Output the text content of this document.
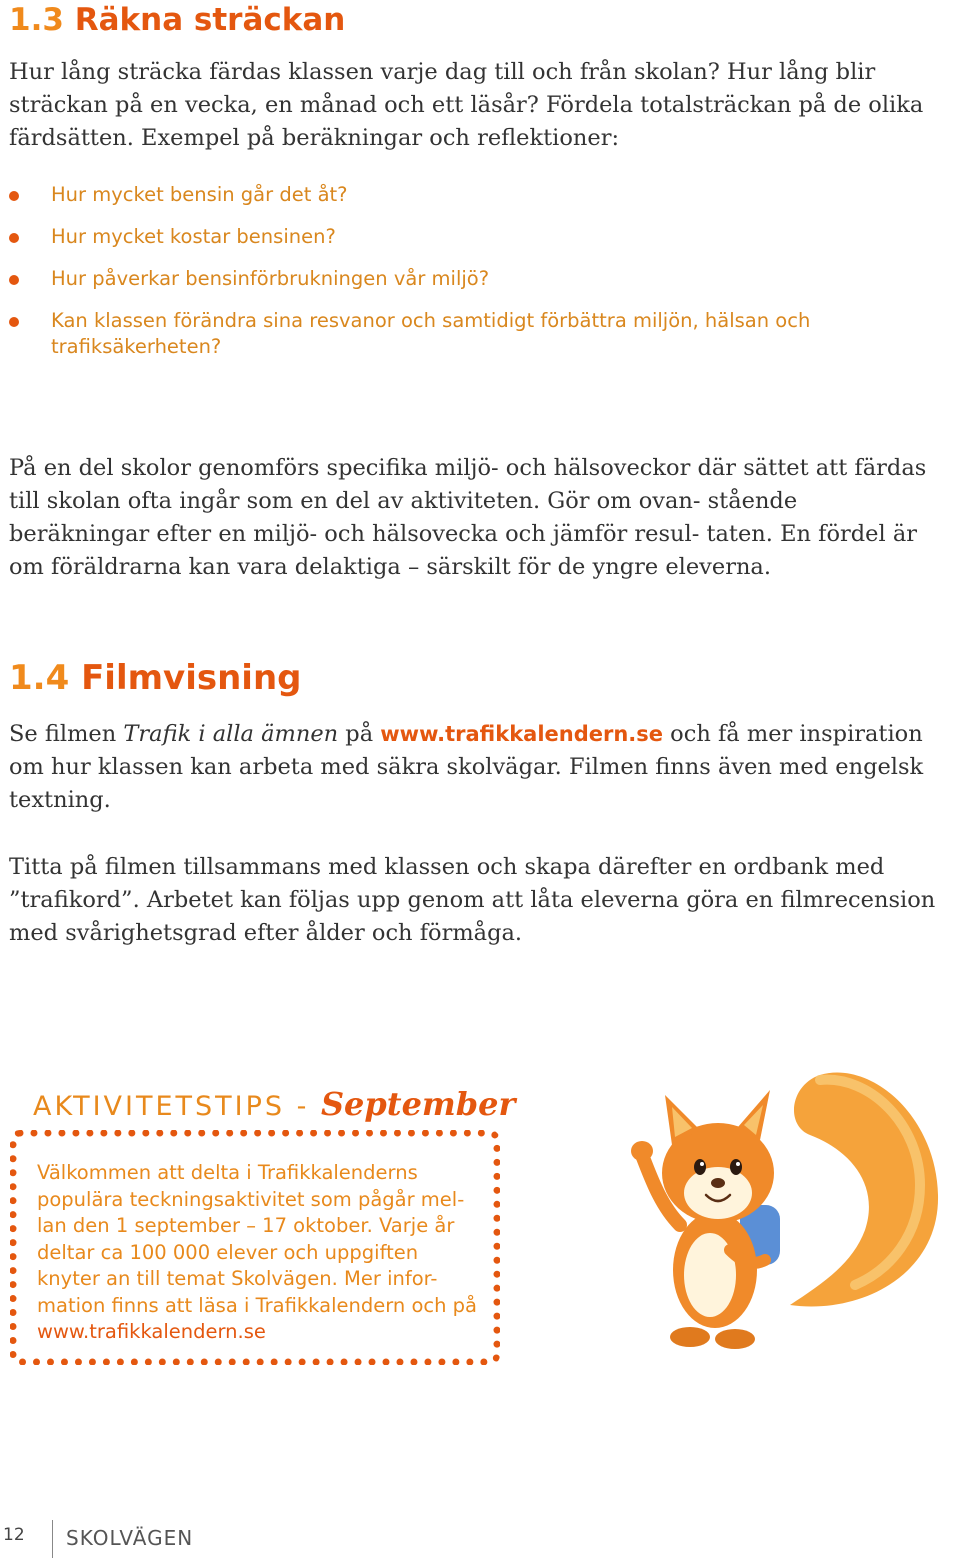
1.3 Räkna sträckan

Hur lång sträcka färdas klassen varje dag till och från skolan? Hur lång blir sträckan på en vecka, en månad och ett läsår? Fördela totalsträckan på de olika färdsätten. Exempel på beräkningar och reflektioner:

Hur mycket bensin går det åt?
Hur mycket kostar bensinen?
Hur påverkar bensinförbrukningen vår miljö?
Kan klassen förändra sina resvanor och samtidigt förbättra miljön, hälsan och trafiksäkerheten?

På en del skolor genomförs specifika miljö- och hälsoveckor där sättet att färdas till skolan ofta ingår som en del av aktiviteten. Gör om ovan- stående beräkningar efter en miljö- och hälsovecka och jämför resul- taten. En fördel är om föräldrarna kan vara delaktiga – särskilt för de yngre eleverna.

1.4 Filmvisning

Se filmen Trafik i alla ämnen på www.trafikkalendern.se och få mer inspiration om hur klassen kan arbeta med säkra skolvägar. Filmen finns även med engelsk textning.

Titta på filmen tillsammans med klassen och skapa därefter en ordbank med ”trafikord”. Arbetet kan följas upp genom att låta eleverna göra en filmrecension med svårighetsgrad efter ålder och förmåga.

AKTIVITETSTIPS - September

Välkommen att delta i Trafikkalenderns populära teckningsaktivitet som pågår mel- lan den 1 september – 17 oktober. Varje år deltar ca 100 000 elever och uppgiften knyter an till temat Skolvägen. Mer infor- mation finns att läsa i Trafikkalendern och på www.trafikkalendern.se

12 SKOLVÄGEN
